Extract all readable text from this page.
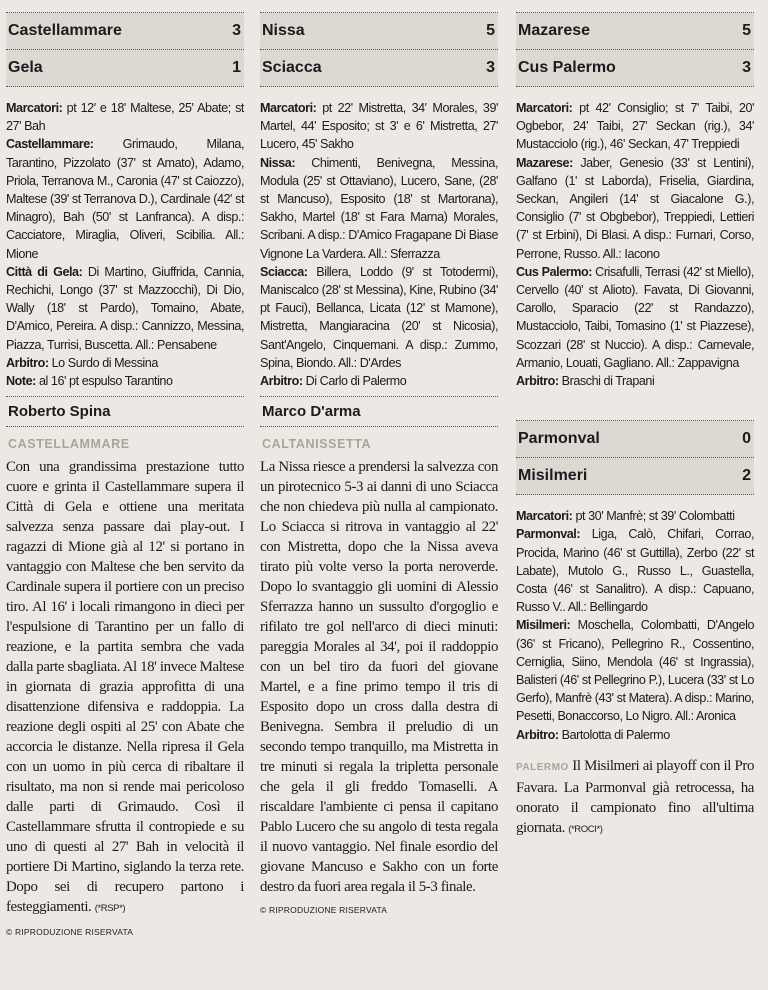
Castellammare	3
Gela	1

Marcatori: pt 12' e 18' Maltese, 25' Abate; st 27' Bah

Castellammare: Grimaudo, Milana, Tarantino, Pizzolato (37' st Amato), Adamo, Priola, Terranova M., Caronia (47' st Caiozzo), Maltese (39' st Terranova D.), Cardinale (42' st Minagro), Bah (50' st Lanfranca). A disp.: Cacciatore, Miraglia, Oliveri, Scibilia. All.: Mione

Città di Gela: Di Martino, Giuffrida, Cannia, Rechichi, Longo (37' st Mazzocchi), Di Dio, Wally (18' st Pardo), Tomaino, Abate, D'Amico, Pereira. A disp.: Cannizzo, Messina, Piazza, Turrisi, Buscetta. All.: Pensabene

Arbitro: Lo Surdo di Messina

Note: al 16' pt espulso Tarantino

Roberto Spina
CASTELLAMMARE

Con una grandissima prestazione tutto cuore e grinta il Castellammare supera il Città di Gela e ottiene una meritata salvezza senza passare dai play-out. I ragazzi di Mione già al 12' si portano in vantaggio con Maltese che ben servito da Cardinale supera il portiere con un preciso tiro. Al 16' i locali rimangono in dieci per l'espulsione di Tarantino per un fallo di reazione, e la partita sembra che vada dalla parte sbagliata. Al 18' invece Maltese in giornata di grazia approfitta di una disattenzione difensiva e raddoppia. La reazione degli ospiti al 25' con Abate che accorcia le distanze. Nella ripresa il Gela con un uomo in più cerca di ribaltare il risultato, ma non si rende mai pericoloso dalle parti di Grimaudo. Così il Castellammare sfrutta il contropiede e su uno di questi al 27' Bah in velocità il portiere Di Martino, siglando la terza rete. Dopo sei di recupero partono i festeggiamenti. (*RSP*)

© RIPRODUZIONE RISERVATA
Nissa	5
Sciacca	3

Marcatori: pt 22' Mistretta, 34' Morales, 39' Martel, 44' Esposito; st 3' e 6' Mistretta, 27' Lucero, 45' Sakho

Nissa: Chimenti, Benivegna, Messina, Modula (25' st Ottaviano), Lucero, Sane, (28' st Mancuso), Esposito (18' st Martorana), Sakho, Martel (18' st Fara Marna) Morales, Scribani. A disp.: D'Amico Fragapane Di Biase Vignone La Vardera. All.: Sferrazza

Sciacca: Billera, Loddo (9' st Totodermi), Maniscalco (28' st Messina), Kine, Rubino (34' pt Fauci), Bellanca, Licata (12' st Mamone), Mistretta, Mangiaracina (20' st Nicosia), Sant'Angelo, Cinquemani. A disp.: Zummo, Spina, Biondo. All.: D'Ardes

Arbitro: Di Carlo di Palermo

Marco D'arma
CALTANISSETTA

La Nissa riesce a prendersi la salvezza con un pirotecnico 5-3 ai danni di uno Sciacca che non chiedeva più nulla al campionato. Lo Sciacca si ritrova in vantaggio al 22' con Mistretta, dopo che la Nissa aveva tirato più volte verso la porta neroverde. Dopo lo svantaggio gli uomini di Alessio Sferrazza hanno un sussulto d'orgoglio e rifilato tre gol nell'arco di dieci minuti: pareggia Morales al 34', poi il raddoppio con un bel tiro da fuori del giovane Martel, e a fine primo tempo il tris di Esposito dopo un cross dalla destra di Benivegna. Sembra il preludio di un secondo tempo tranquillo, ma Mistretta in tre minuti si regala la tripletta personale che gela il gli freddo Tomaselli. A riscaldare l'ambiente ci pensa il capitano Pablo Lucero che su angolo di testa regala il nuovo vantaggio. Nel finale esordio del giovane Mancuso e Sakho con un forte destro da fuori area regala il 5-3 finale.

© RIPRODUZIONE RISERVATA
Mazarese	5
Cus Palermo	3

Marcatori: pt 42' Consiglio; st 7' Taibi, 20' Ogbebor, 24' Taibi, 27' Seckan (rig.), 34' Mustacciolo (rig.), 46' Seckan, 47' Treppiedi

Mazarese: Jaber, Genesio (33' st Lentini), Galfano (1' st Laborda), Friselia, Giardina, Seckan, Angileri (14' st Giacalone G.), Consiglio (7' st Obgbebor), Treppiedi, Lettieri (7' st Erbini), Di Blasi. A disp.: Furnari, Corso, Perrone, Russo. All.: Iacono

Cus Palermo: Crisafulli, Terrasi (42' st Miello), Cervello (40' st Alioto). Favata, Di Giovanni, Carollo, Sparacio (22' st Randazzo), Mustacciolo, Taibi, Tomasino (1' st Piazzese), Scozzari (28' st Nuccio). A disp.: Carnevale, Armanio, Louati, Gagliano. All.: Zappavigna

Arbitro: Braschi di Trapani

Parmonval	0
Misilmeri	2

Marcatori: pt 30' Manfrè; st 39' Colombatti

Parmonval: Liga, Calò, Chifari, Corrao, Procida, Marino (46' st Guttilla), Zerbo (22' st Labate), Mutolo G., Russo L., Guastella, Costa (46' st Sanalitro). A disp.: Capuano, Russo V.. All.: Bellingardo

Misilmeri: Moschella, Colombatti, D'Angelo (36' st Fricano), Pellegrino R., Cossentino, Cerniglia, Siino, Mendola (46' st Ingrassia), Balisteri (46' st Pellegrino P.), Lucera (33' st Lo Gerfo), Manfrè (43' st Matera). A disp.: Marino, Pesetti, Bonaccorso, Lo Nigro. All.: Aronica

Arbitro: Bartolotta di Palermo

PALERMO Il Misilmeri ai playoff con il Pro Favara. La Parmonval già retrocessa, ha onorato il campionato fino all'ultima giornata. (*ROCI*)
